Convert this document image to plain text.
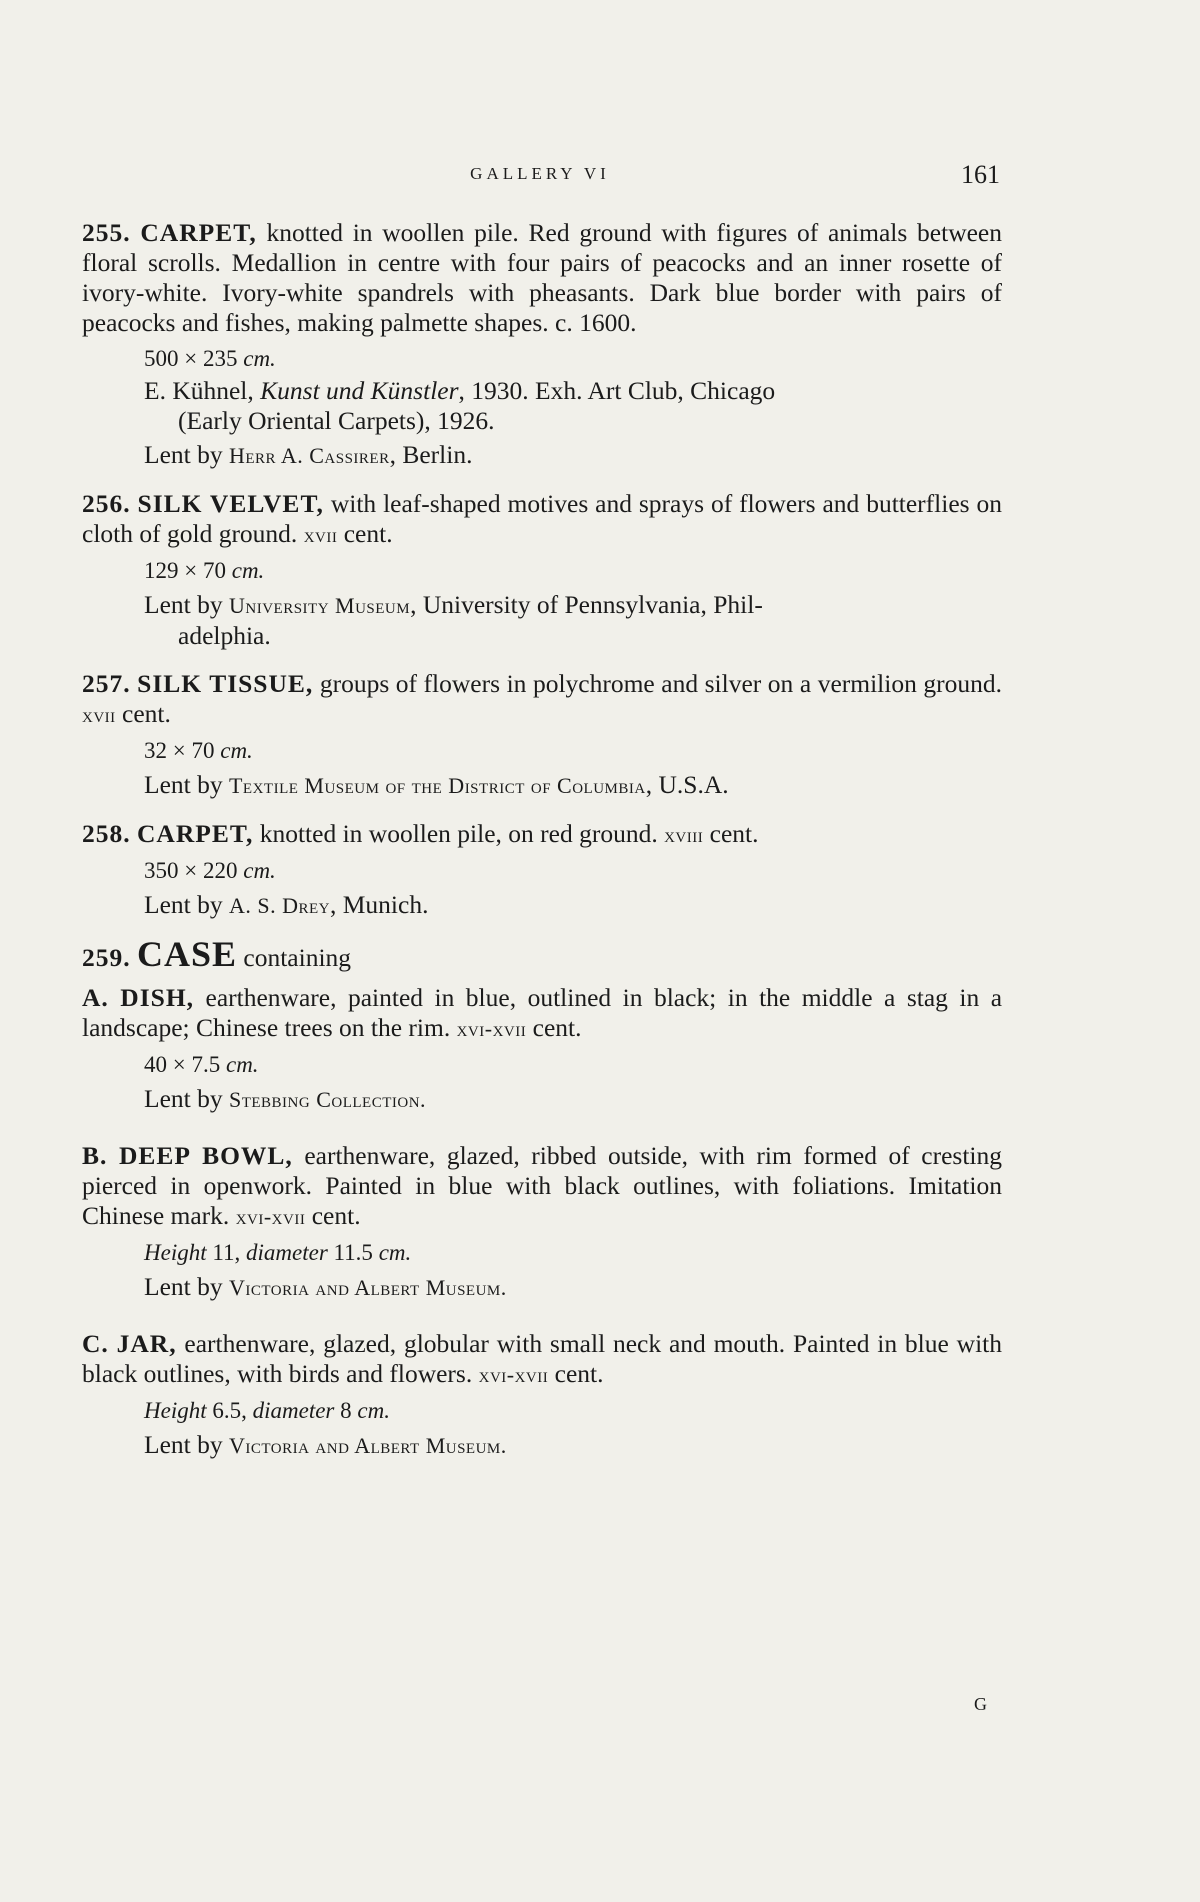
GALLERY VI	161
255. CARPET, knotted in woollen pile. Red ground with figures of animals between floral scrolls. Medallion in centre with four pairs of peacocks and an inner rosette of ivory-white. Ivory-white spandrels with pheasants. Dark blue border with pairs of peacocks and fishes, making palmette shapes. c. 1600.
500 × 235 cm.
E. Kühnel, Kunst und Künstler, 1930. Exh. Art Club, Chicago
(Early Oriental Carpets), 1926.
Lent by Herr A. Cassirer, Berlin.
256. SILK VELVET, with leaf-shaped motives and sprays of flowers and butterflies on cloth of gold ground. xvii cent.
129 × 70 cm.
Lent by University Museum, University of Pennsylvania, Phil-
adelphia.
257. SILK TISSUE, groups of flowers in polychrome and silver on a vermilion ground. xvii cent.
32 × 70 cm.
Lent by Textile Museum of the District of Columbia, U.S.A.
258. CARPET, knotted in woollen pile, on red ground. xviii cent.
350 × 220 cm.
Lent by A. S. Drey, Munich.
259. CASE containing
A. DISH, earthenware, painted in blue, outlined in black; in the middle a stag in a landscape; Chinese trees on the rim. xvi-xvii cent.
40 × 7.5 cm.
Lent by Stebbing Collection.
B. DEEP BOWL, earthenware, glazed, ribbed outside, with rim formed of cresting pierced in openwork. Painted in blue with black outlines, with foliations. Imitation Chinese mark. xvi-xvii cent.
Height 11, diameter 11.5 cm.
Lent by Victoria and Albert Museum.
C. JAR, earthenware, glazed, globular with small neck and mouth. Painted in blue with black outlines, with birds and flowers. xvi-xvii cent.
Height 6.5, diameter 8 cm.
Lent by Victoria and Albert Museum.
G
